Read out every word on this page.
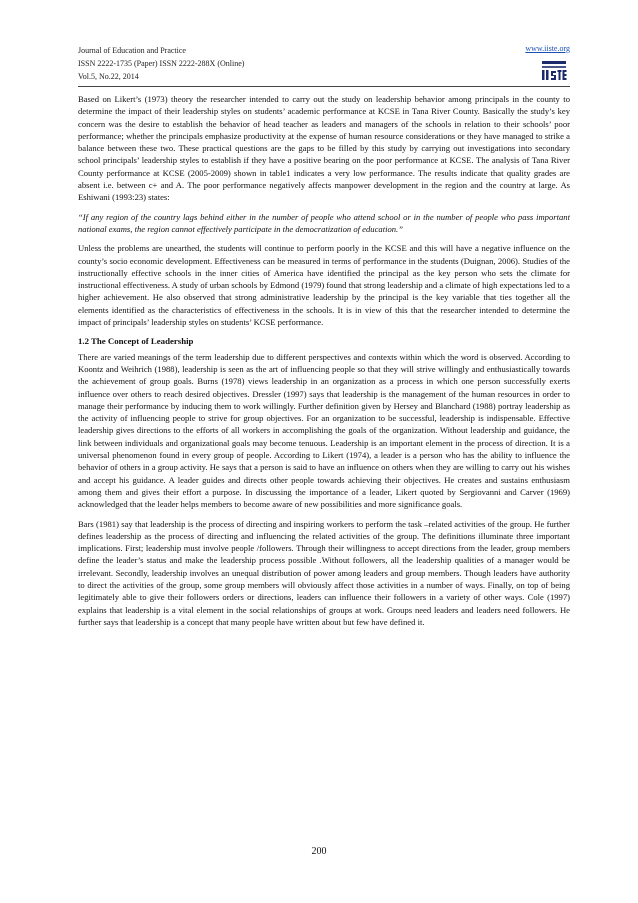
Journal of Education and Practice
ISSN 2222-1735 (Paper) ISSN 2222-288X (Online)
Vol.5, No.22, 2014
www.iiste.org

Based on Likert’s (1973) theory the researcher intended to carry out the study on leadership behavior among principals in the county to determine the impact of their leadership styles on students’ academic performance at KCSE in Tana River County. Basically the study’s key concern was the desire to establish the behavior of head teacher as leaders and managers of the schools in relation to their schools’ poor performance; whether the principals emphasize productivity at the expense of human resource considerations or they have managed to strike a balance between these two. These practical questions are the gaps to be filled by this study by carrying out investigations into secondary school principals’ leadership styles to establish if they have a positive bearing on the poor performance at KCSE. The analysis of Tana River County performance at KCSE (2005-2009) shown in table1 indicates a very low performance. The results indicate that quality grades are absent i.e. between c+ and A. The poor performance negatively affects manpower development in the region and the country at large. As Eshiwani (1993:23) states:

“If any region of the country lags behind either in the number of people who attend school or in the number of people who pass important national exams, the region cannot effectively participate in the democratization of education.”

Unless the problems are unearthed, the students will continue to perform poorly in the KCSE and this will have a negative influence on the county’s socio economic development. Effectiveness can be measured in terms of performance in the students (Duignan, 2006). Studies of the instructionally effective schools in the inner cities of America have identified the principal as the key person who sets the climate for instructional effectiveness. A study of urban schools by Edmond (1979) found that strong leadership and a climate of high expectations led to a higher achievement. He also observed that strong administrative leadership by the principal is the key variable that ties together all the elements identified as the characteristics of effectiveness in the schools. It is in view of this that the researcher intended to determine the impact of principals’ leadership styles on students’ KCSE performance.

1.2 The Concept of Leadership

There are varied meanings of the term leadership due to different perspectives and contexts within which the word is observed. According to Koontz and Weihrich (1988), leadership is seen as the art of influencing people so that they will strive willingly and enthusiastically towards the achievement of group goals. Burns (1978) views leadership in an organization as a process in which one person successfully exerts influence over others to reach desired objectives. Dressler (1997) says that leadership is the management of the human resources in order to manage their performance by inducing them to work willingly. Further definition given by Hersey and Blanchard (1988) portray leadership as the activity of influencing people to strive for group objectives. For an organization to be successful, leadership is indispensable. Effective leadership gives directions to the efforts of all workers in accomplishing the goals of the organization. Without leadership and guidance, the link between individuals and organizational goals may become tenuous. Leadership is an important element in the process of direction. It is a universal phenomenon found in every group of people. According to Likert (1974), a leader is a person who has the ability to influence the behavior of others in a group activity. He says that a person is said to have an influence on others when they are willing to carry out his wishes and accept his guidance. A leader guides and directs other people towards achieving their objectives. He creates and sustains enthusiasm among them and gives their effort a purpose. In discussing the importance of a leader, Likert quoted by Sergiovanni and Carver (1969) acknowledged that the leader helps members to become aware of new possibilities and more significance goals.

Bars (1981) say that leadership is the process of directing and inspiring workers to perform the task –related activities of the group. He further defines leadership as the process of directing and influencing the related activities of the group. The definitions illuminate three important implications. First; leadership must involve people /followers. Through their willingness to accept directions from the leader, group members define the leader’s status and make the leadership process possible .Without followers, all the leadership qualities of a manager would be irrelevant. Secondly, leadership involves an unequal distribution of power among leaders and group members. Though leaders have authority to direct the activities of the group, some group members will obviously affect those activities in a number of ways. Finally, on top of being legitimately able to give their followers orders or directions, leaders can influence their followers in a variety of other ways. Cole (1997) explains that leadership is a vital element in the social relationships of groups at work. Groups need leaders and leaders need followers. He further says that leadership is a concept that many people have written about but few have defined it.

200
